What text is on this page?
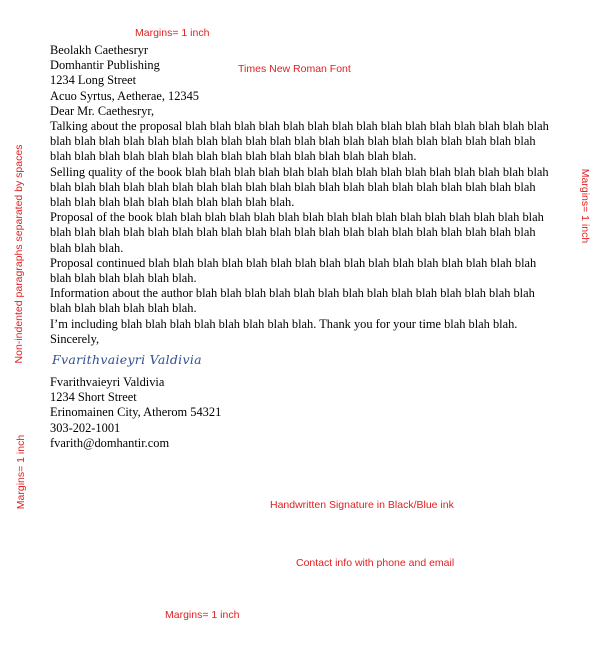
Margins= 1 inch
Times New Roman Font
Handwritten Signature in Black/Blue ink
Contact info with phone and email
Margins= 1 inch
Non-indented paragraphs separated by spaces
Margins= 1 inch
Margins= 1 inch

Beolakh Caethesryr

Domhantir Publishing

1234 Long Street

Acuo Syrtus, Aetherae, 12345

Dear Mr. Caethesryr,

Talking about the proposal blah blah blah blah blah blah blah blah blah blah blah blah blah blah blah blah blah blah blah blah blah blah blah blah blah blah blah blah blah blah blah blah blah blah blah blah blah blah blah blah blah blah blah blah blah blah blah blah blah blah.

Selling quality of the book blah blah blah blah blah blah blah blah blah blah blah blah blah blah blah blah blah blah blah blah blah blah blah blah blah blah blah blah blah blah blah blah blah blah blah blah blah blah blah blah blah blah blah blah blah.

Proposal of the book blah blah blah blah blah blah blah blah blah blah blah blah blah blah blah blah blah blah blah blah blah blah blah blah blah blah blah blah blah blah blah blah blah blah blah blah blah blah blah.

Proposal continued blah blah blah blah blah blah blah blah blah blah blah blah blah blah blah blah blah blah blah blah blah blah.

Information about the author blah blah blah blah blah blah blah blah blah blah blah blah blah blah blah blah blah blah blah blah.

I’m including blah blah blah blah blah blah blah blah. Thank you for your time blah blah blah.

Sincerely,

Fvarithvaieyri Valdivia

Fvarithvaieyri Valdivia

1234 Short Street

Erinomainen City, Atherom 54321

303-202-1001

fvarith@domhantir.com
